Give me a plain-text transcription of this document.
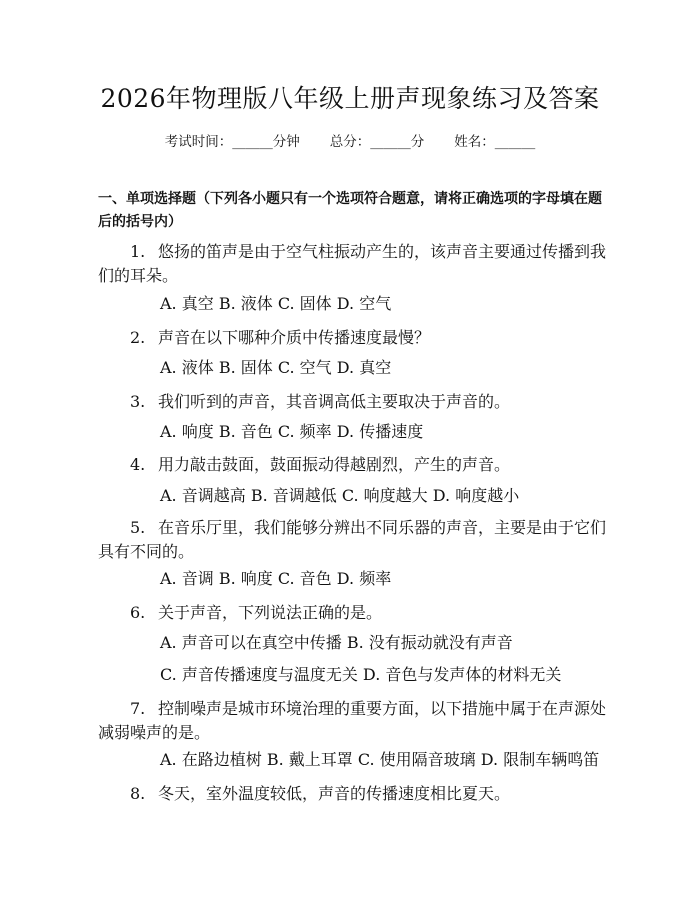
2026年物理版八年级上册声现象练习及答案
考试时间：______分钟 总分：______分 姓名：______
一、单项选择题（下列各小题只有一个选项符合题意，请将正确选项的字母填在题后的括号内）

1. 悠扬的笛声是由于空气柱振动产生的，该声音主要通过传播到我们的耳朵。

A. 真空 B. 液体 C. 固体 D. 空气

2. 声音在以下哪种介质中传播速度最慢？

A. 液体 B. 固体 C. 空气 D. 真空

3. 我们听到的声音，其音调高低主要取决于声音的。

A. 响度 B. 音色 C. 频率 D. 传播速度

4. 用力敲击鼓面，鼓面振动得越剧烈，产生的声音。

A. 音调越高 B. 音调越低 C. 响度越大 D. 响度越小

5. 在音乐厅里，我们能够分辨出不同乐器的声音，主要是由于它们具有不同的。

A. 音调 B. 响度 C. 音色 D. 频率

6. 关于声音，下列说法正确的是。

A. 声音可以在真空中传播 B. 没有振动就没有声音

C. 声音传播速度与温度无关 D. 音色与发声体的材料无关

7. 控制噪声是城市环境治理的重要方面，以下措施中属于在声源处减弱噪声的是。

A. 在路边植树 B. 戴上耳罩 C. 使用隔音玻璃 D. 限制车辆鸣笛

8. 冬天，室外温度较低，声音的传播速度相比夏天。
